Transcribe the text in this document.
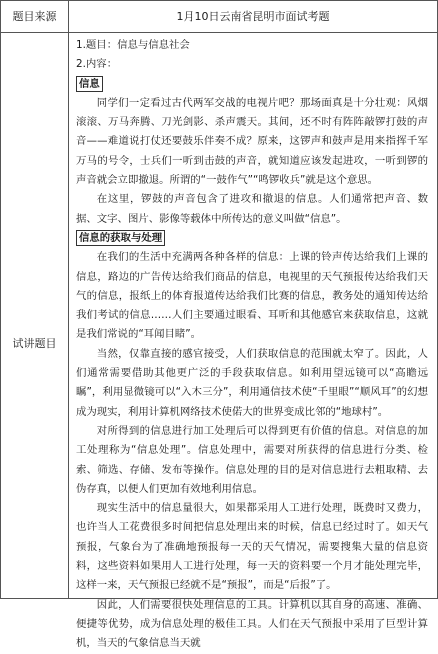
题目来源	1月10日云南省昆明市面试考题
试讲题目

1.题目：信息与信息社会

2.内容：

信息

同学们一定看过古代两军交战的电视片吧？那场面真是十分壮观：风烟滚滚、万马奔腾、刀光剑影、杀声震天。其间，还不时有阵阵敲锣打鼓的声音——难道说打仗还要鼓乐伴奏不成？原来，这锣声和鼓声是用来指挥千军万马的号令，士兵们一听到击鼓的声音，就知道应该发起进攻，一听到锣的声音就会立即撤退。所谓的“一鼓作气”“鸣锣收兵”就是这个意思。

在这里，锣鼓的声音包含了进攻和撤退的信息。人们通常把声音、数据、文字、图片、影像等载体中所传达的意义叫做“信息”。

信息的获取与处理

在我们的生活中充满两各种各样的信息：上课的铃声传达给我们上课的信息，路边的广告传达给我们商品的信息，电视里的天气预报传达给我们天气的信息，报纸上的体育报道传达给我们比赛的信息，教务处的通知传达给我们考试的信息……人们主要通过眼看、耳听和其他感官来获取信息，这就是我们常说的“耳闻目睹”。

当然，仅靠直接的感官接受，人们获取信息的范围就太窄了。因此，人们通常需要借助其他更广泛的手段获取信息。如利用望远镜可以“高瞻远瞩”，利用显微镜可以“入木三分”，利用通信技术使“千里眼”“顺风耳”的幻想成为现实，利用计算机网络技术使偌大的世界变成比邻的“地球村”。

对所得到的信息进行加工处理后可以得到更有价值的信息。对信息的加工处理称为“信息处理”。信息处理中，需要对所获得的信息进行分类、检索、筛选、存储、发布等操作。信息处理的目的是对信息进行去粗取精、去伪存真，以便人们更加有效地利用信息。

现实生活中的信息量很大，如果都采用人工进行处理，既费时又费力，也许当人工花费很多时间把信息处理出来的时候，信息已经过时了。如天气预报，气象台为了准确地预报每一天的天气情况，需要搜集大量的信息资料，这些资料如果用人工进行处理，每一天的资料要一个月才能处理完毕，这样一来，天气预报已经就不是“预报”，而是“后报”了。

因此，人们需要很快处理信息的工具。计算机以其自身的高速、准确、便捷等优势，成为信息处理的极佳工具。人们在天气预报中采用了巨型计算机，当天的气象信息当天就
